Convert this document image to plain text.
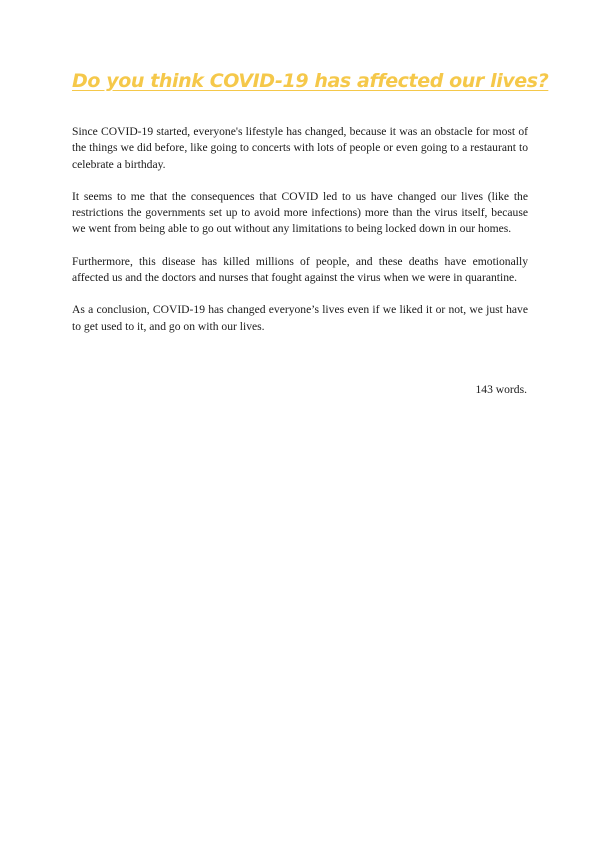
Do you think COVID-19 has affected our lives?

Since COVID-19 started, everyone's lifestyle has changed, because it was an obstacle for most of the things we did before, like going to concerts with lots of people or even going to a restaurant to celebrate a birthday.

It seems to me that the consequences that COVID led to us have changed our lives (like the restrictions the governments set up to avoid more infections) more than the virus itself, because we went from being able to go out without any limitations to being locked down in our homes.

Furthermore, this disease has killed millions of people, and these deaths have emotionally affected us and the doctors and nurses that fought against the virus when we were in quarantine.

As a conclusion, COVID-19 has changed everyone’s lives even if we liked it or not, we just have to get used to it, and go on with our lives.

143 words.
